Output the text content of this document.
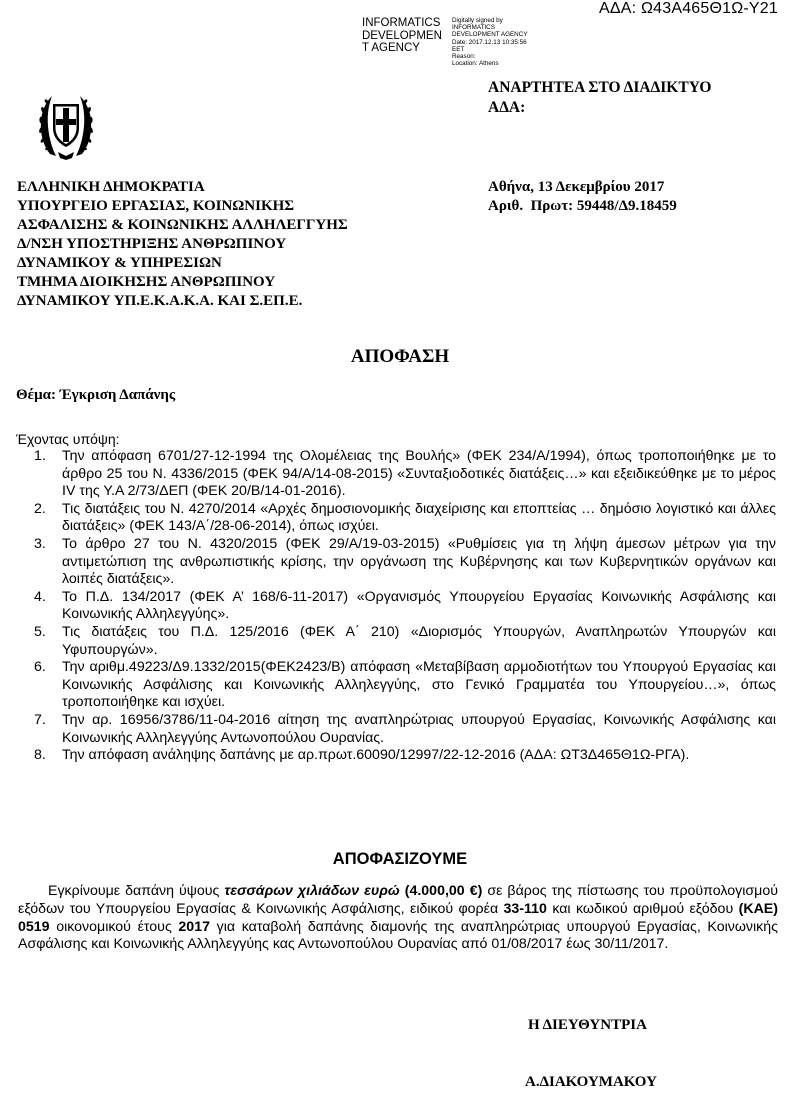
ΑΔΑ: Ω43Α465Θ1Ω-Υ21
INFORMATICS
DEVELOPMEN
T AGENCY
Digitally signed by
INFORMATICS
DEVELOPMENT AGENCY
Date: 2017.12.13 10:35:56
EET
Reason:
Location: Athens
ΑΝΑΡΤΗΤΕΑ ΣΤΟ ΔΙΑΔΙΚΤΥΟ
ΑΔΑ:
ΕΛΛΗΝΙΚΗ ΔΗΜΟΚΡΑΤΙΑ
ΥΠΟΥΡΓΕΙΟ ΕΡΓΑΣΙΑΣ, ΚΟΙΝΩΝΙΚΗΣ
ΑΣΦΑΛΙΣΗΣ & ΚΟΙΝΩΝΙΚΗΣ ΑΛΛΗΛΕΓΓΥΗΣ
Δ/ΝΣΗ ΥΠΟΣΤΗΡΙΞΗΣ ΑΝΘΡΩΠΙΝΟΥ
ΔΥΝΑΜΙΚΟΥ & ΥΠΗΡΕΣΙΩΝ
ΤΜΗΜΑ ΔΙΟΙΚΗΣΗΣ ΑΝΘΡΩΠΙΝΟΥ
ΔΥΝΑΜΙΚΟΥ ΥΠ.Ε.Κ.Α.Κ.Α. ΚΑΙ Σ.ΕΠ.Ε.
Αθήνα, 13 Δεκεμβρίου 2017
Αριθ.  Πρωτ: 59448/Δ9.18459
ΑΠΟΦΑΣΗ
Θέμα: Έγκριση Δαπάνης
Έχοντας υπόψη:
1. Την απόφαση 6701/27-12-1994 της Ολομέλειας της Βουλής» (ΦΕΚ 234/Α/1994), όπως τροποποιήθηκε με το άρθρο 25 του Ν. 4336/2015 (ΦΕΚ 94/Α/14-08-2015) «Συνταξιοδοτικές διατάξεις…» και εξειδικεύθηκε με το μέρος IV της Υ.Α 2/73/ΔΕΠ (ΦΕΚ 20/Β/14-01-2016).
2. Τις διατάξεις του Ν. 4270/2014 «Αρχές δημοσιονομικής διαχείρισης και εποπτείας … δημόσιο λογιστικό και άλλες διατάξεις» (ΦΕΚ 143/Α΄/28-06-2014), όπως ισχύει.
3. Το άρθρο 27 του Ν. 4320/2015 (ΦΕΚ 29/Α/19-03-2015) «Ρυθμίσεις για τη λήψη άμεσων μέτρων για την αντιμετώπιση της ανθρωπιστικής κρίσης, την οργάνωση της Κυβέρνησης και των Κυβερνητικών οργάνων και λοιπές διατάξεις».
4. Το Π.Δ. 134/2017 (ΦΕΚ Α’ 168/6-11-2017) «Οργανισμός Υπουργείου Εργασίας Κοινωνικής Ασφάλισης και Κοινωνικής Αλληλεγγύης».
5. Τις διατάξεις του Π.Δ. 125/2016 (ΦΕΚ Α΄ 210) «Διορισμός Υπουργών, Αναπληρωτών Υπουργών και Υφυπουργών».
6. Την αριθμ.49223/Δ9.1332/2015(ΦΕΚ2423/Β) απόφαση «Μεταβίβαση αρμοδιοτήτων του Υπουργού Εργασίας και Κοινωνικής Ασφάλισης και Κοινωνικής Αλληλεγγύης, στο Γενικό Γραμματέα του Υπουργείου…», όπως τροποποιήθηκε και ισχύει.
7. Την αρ. 16956/3786/11-04-2016 αίτηση της αναπληρώτριας υπουργού Εργασίας, Κοινωνικής Ασφάλισης και Κοινωνικής Αλληλεγγύης Αντωνοπούλου Ουρανίας.
8. Την απόφαση ανάληψης δαπάνης με αρ.πρωτ.60090/12997/22-12-2016 (ΑΔΑ: ΩΤ3Δ465Θ1Ω-ΡΓΑ).
ΑΠΟΦΑΣΙΖΟΥΜΕ
Εγκρίνουμε δαπάνη ύψους τεσσάρων χιλιάδων ευρώ (4.000,00 €) σε βάρος της πίστωσης του προϋπολογισμού εξόδων του Υπουργείου Εργασίας & Κοινωνικής Ασφάλισης, ειδικού φορέα 33-110 και κωδικού αριθμού εξόδου (ΚΑΕ) 0519 οικονομικού έτους 2017 για καταβολή δαπάνης διαμονής της αναπληρώτριας υπουργού Εργασίας, Κοινωνικής Ασφάλισης και Κοινωνικής Αλληλεγγύης κας Αντωνοπούλου Ουρανίας από 01/08/2017 έως 30/11/2017.
Η ΔΙΕΥΘΥΝΤΡΙΑ
Α.ΔΙΑΚΟΥΜΑΚΟΥ
